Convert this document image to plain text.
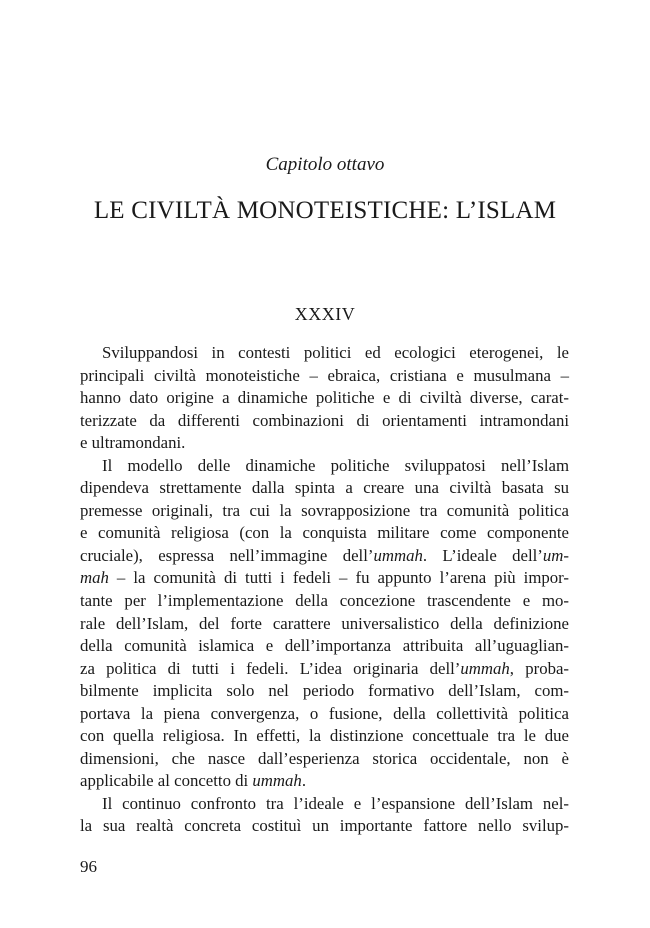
Capitolo ottavo
LE CIVILTÀ MONOTEISTICHE: L’ISLAM
XXXIV
Sviluppandosi in contesti politici ed ecologici eterogenei, le
principali civiltà monoteistiche – ebraica, cristiana e musulmana –
hanno dato origine a dinamiche politiche e di civiltà diverse, carat-
terizzate da differenti combinazioni di orientamenti intramondani
e ultramondani.
Il modello delle dinamiche politiche sviluppatosi nell’Islam
dipendeva strettamente dalla spinta a creare una civiltà basata su
premesse originali, tra cui la sovrapposizione tra comunità politica
e comunità religiosa (con la conquista militare come componente
cruciale), espressa nell’immagine dell’ummah. L’ideale dell’um-
mah – la comunità di tutti i fedeli – fu appunto l’arena più impor-
tante per l’implementazione della concezione trascendente e mo-
rale dell’Islam, del forte carattere universalistico della definizione
della comunità islamica e dell’importanza attribuita all’uguaglian-
za politica di tutti i fedeli. L’idea originaria dell’ummah, proba-
bilmente implicita solo nel periodo formativo dell’Islam, com-
portava la piena convergenza, o fusione, della collettività politica
con quella religiosa. In effetti, la distinzione concettuale tra le due
dimensioni, che nasce dall’esperienza storica occidentale, non è
applicabile al concetto di ummah.
Il continuo confronto tra l’ideale e l’espansione dell’Islam nel-
la sua realtà concreta costituì un importante fattore nello svilup-
96
